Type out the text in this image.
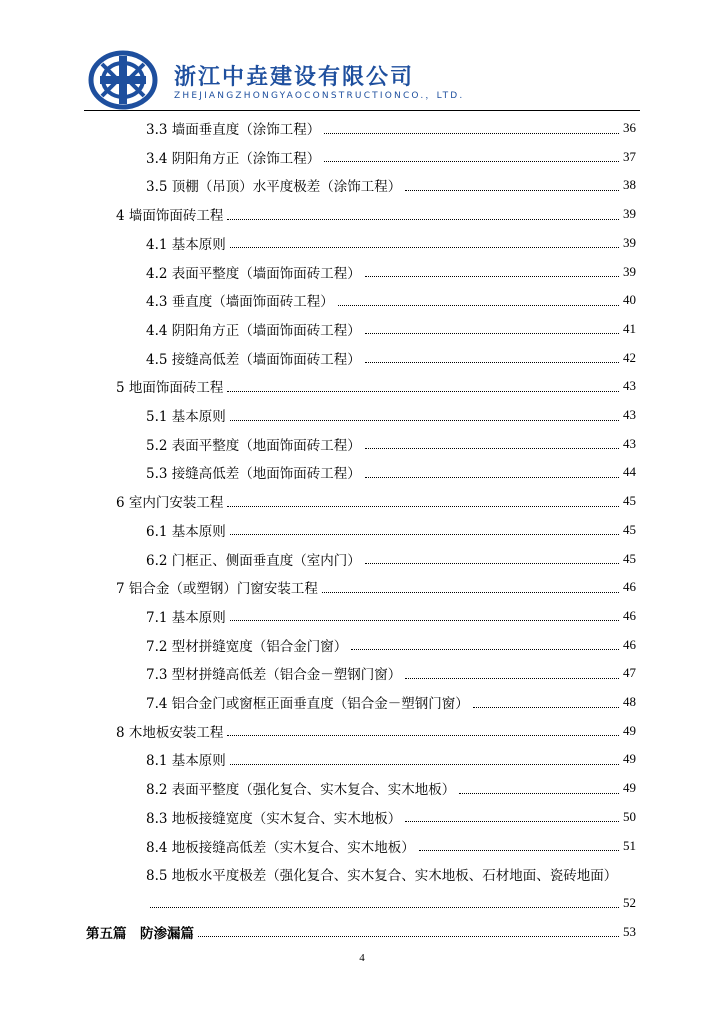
浙江中垚建设有限公司
ZHEJIANGZHONGYAOCONSTRUCTIONCO.，LTD.
3.3 墙面垂直度（涂饰工程）	36
3.4 阴阳角方正（涂饰工程）	37
3.5 顶棚（吊顶）水平度极差（涂饰工程）	38
4 墙面饰面砖工程	39
4.1 基本原则	39
4.2 表面平整度（墙面饰面砖工程）	39
4.3 垂直度（墙面饰面砖工程）	40
4.4 阴阳角方正（墙面饰面砖工程）	41
4.5 接缝高低差（墙面饰面砖工程）	42
5 地面饰面砖工程	43
5.1 基本原则	43
5.2 表面平整度（地面饰面砖工程）	43
5.3 接缝高低差（地面饰面砖工程）	44
6 室内门安装工程	45
6.1 基本原则	45
6.2 门框正、侧面垂直度（室内门）	45
7 铝合金（或塑钢）门窗安装工程	46
7.1 基本原则	46
7.2 型材拼缝宽度（铝合金门窗）	46
7.3 型材拼缝高低差（铝合金－塑钢门窗）	47
7.4 铝合金门或窗框正面垂直度（铝合金－塑钢门窗）	48
8 木地板安装工程	49
8.1 基本原则	49
8.2 表面平整度（强化复合、实木复合、实木地板）	49
8.3 地板接缝宽度（实木复合、实木地板）	50
8.4 地板接缝高低差（实木复合、实木地板）	51
8.5 地板水平度极差（强化复合、实木复合、实木地板、石材地面、瓷砖地面）
52
第五篇　防渗漏篇	53
4
